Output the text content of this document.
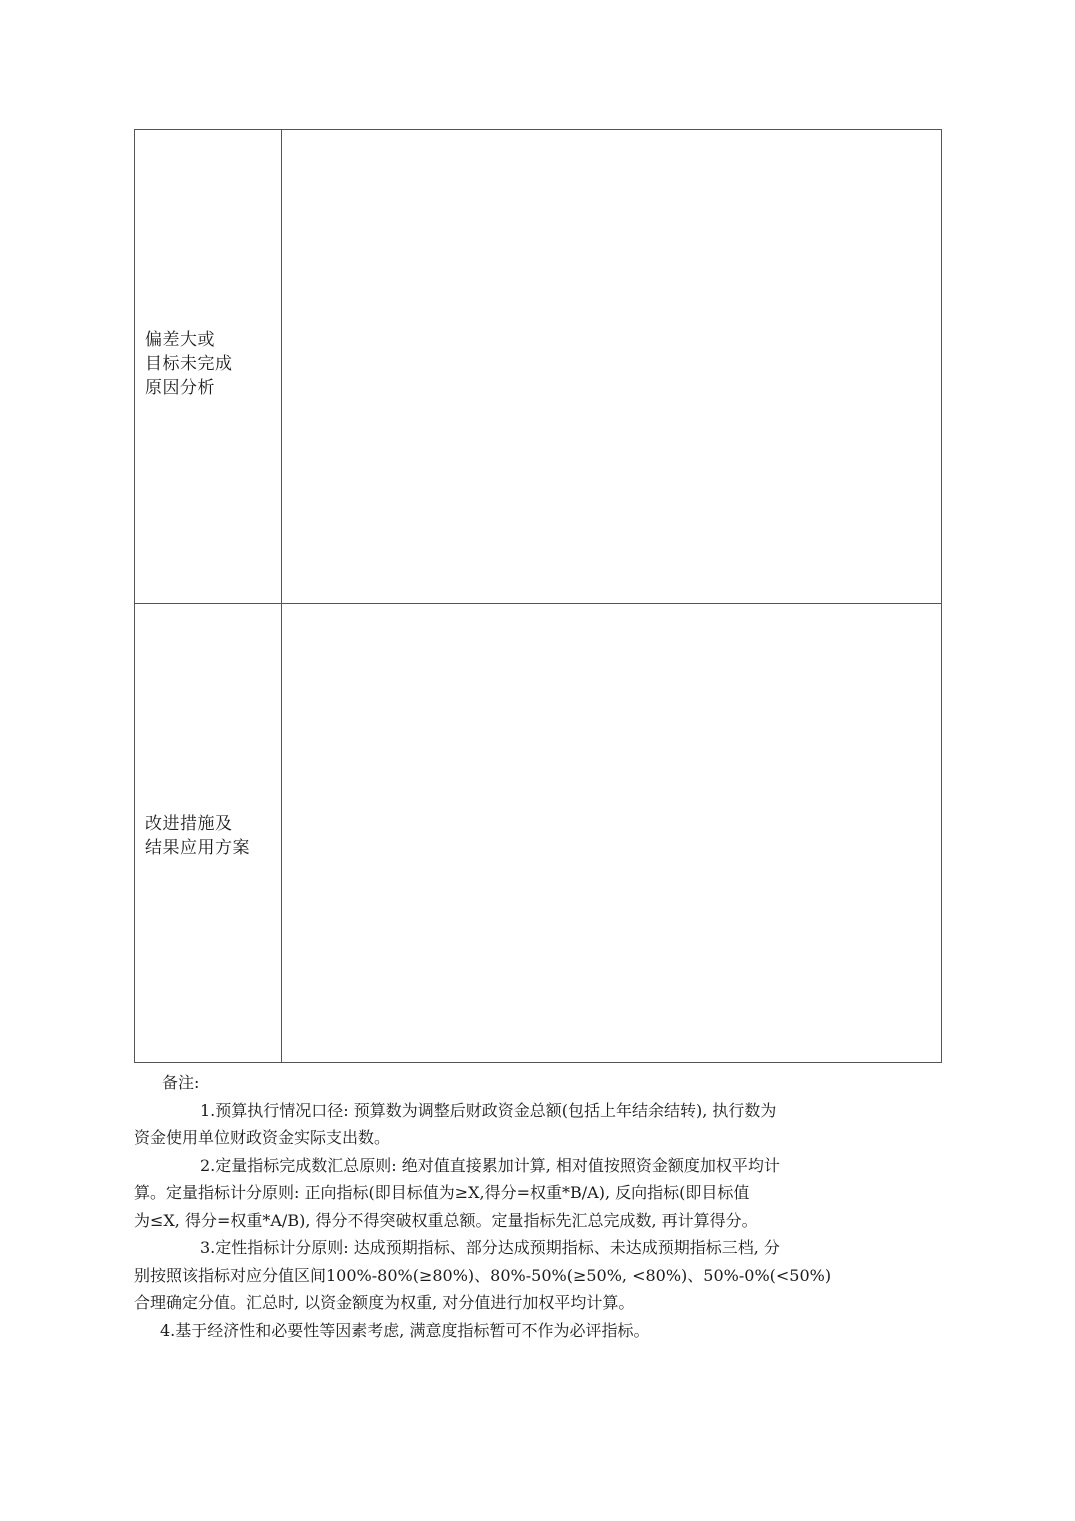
偏差大或
目标未完成
原因分析	

改进措施及
结果应用方案	

备注:
1.预算执行情况口径: 预算数为调整后财政资金总额(包括上年结余结转), 执行数为
资金使用单位财政资金实际支出数。
2.定量指标完成数汇总原则: 绝对值直接累加计算, 相对值按照资金额度加权平均计
算。定量指标计分原则: 正向指标(即目标值为≥X,得分=权重*B/A), 反向指标(即目标值
为≤X, 得分=权重*A/B), 得分不得突破权重总额。定量指标先汇总完成数, 再计算得分。
3.定性指标计分原则: 达成预期指标、部分达成预期指标、未达成预期指标三档, 分
别按照该指标对应分值区间100%-80%(≥80%)、80%-50%(≥50%, <80%)、50%-0%(<50%)
合理确定分值。汇总时, 以资金额度为权重, 对分值进行加权平均计算。
4.基于经济性和必要性等因素考虑, 满意度指标暂可不作为必评指标。
